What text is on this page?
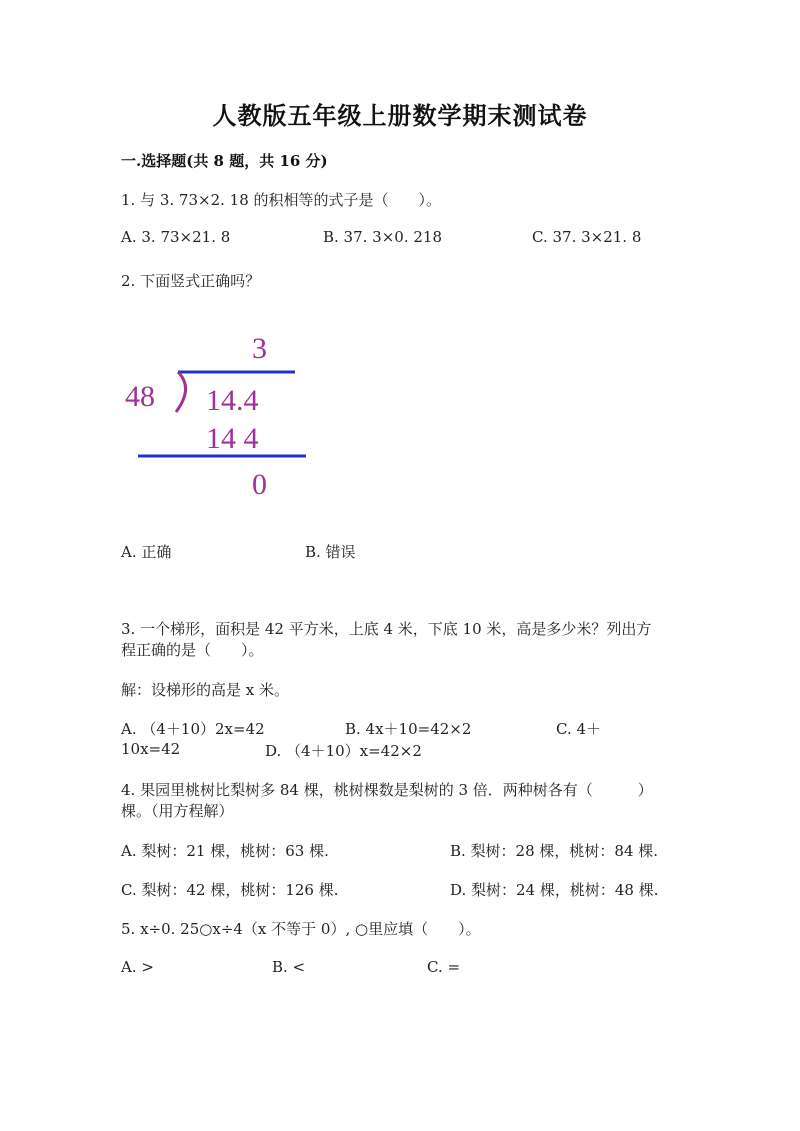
人教版五年级上册数学期末测试卷
一.选择题(共 8 题，共 16 分)
1. 与 3. 73×2. 18 的积相等的式子是（　　）。
A. 3. 73×21. 8	B. 37. 3×0. 218	C. 37. 3×21. 8
2. 下面竖式正确吗？
3
48 14.4
14 4
0
A. 正确	B. 错误
3. 一个梯形，面积是 42 平方米，上底 4 米，下底 10 米，高是多少米？列出方
程正确的是（　　）。
解：设梯形的高是 x 米。
A. （4＋10）2x=42	B. 4x＋10=42×2	C. 4＋
10x=42	D. （4＋10）x=42×2
4. 果园里桃树比梨树多 84 棵，桃树棵数是梨树的 3 倍．两种树各有（　　　）
棵。（用方程解）
A. 梨树：21 棵，桃树：63 棵.	B. 梨树：28 棵，桃树：84 棵.
C. 梨树：42 棵，桃树：126 棵.	D. 梨树：24 棵，桃树：48 棵.
5. x÷0. 25○x÷4（x 不等于 0）, ○里应填（　　）。
A. >	B. <	C. =
